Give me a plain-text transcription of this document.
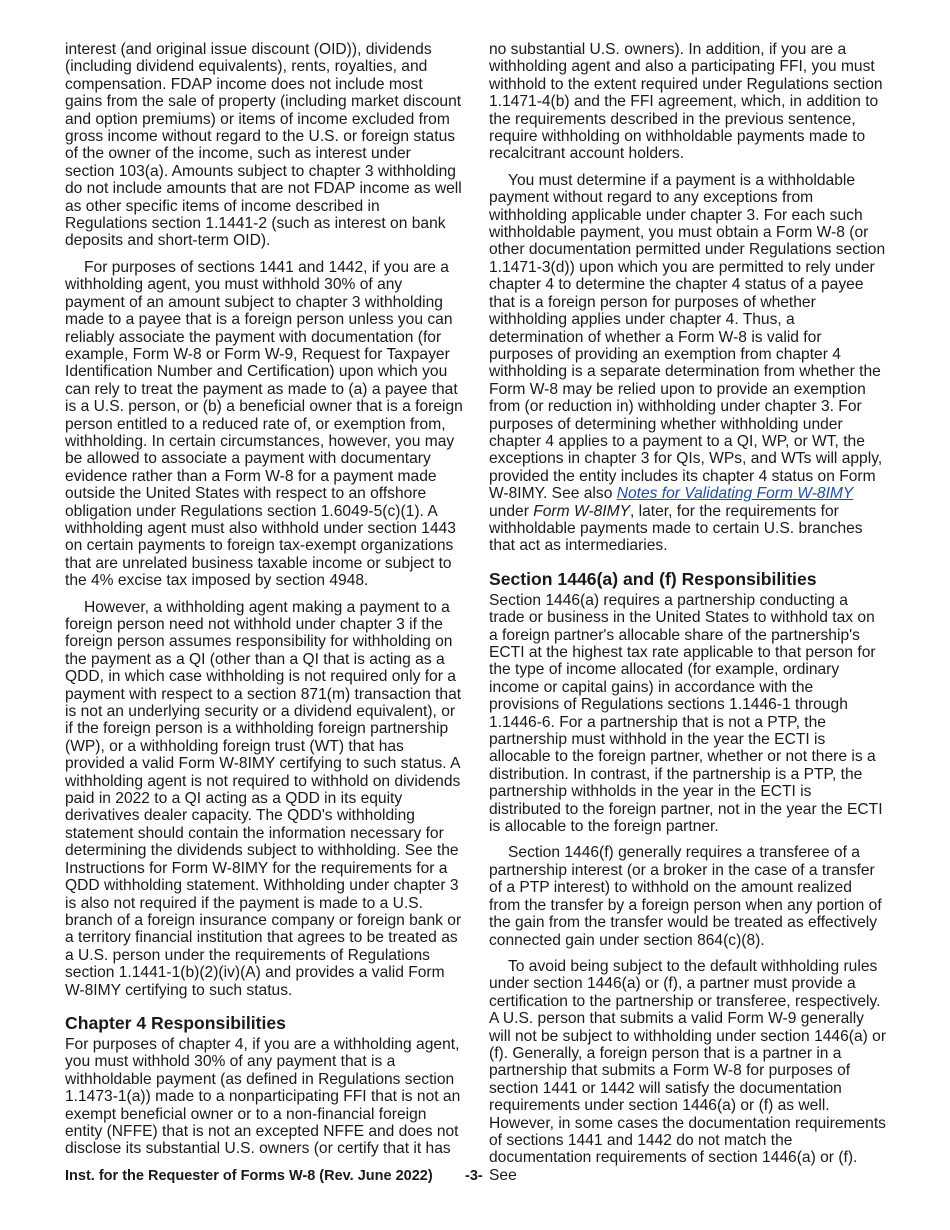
interest (and original issue discount (OID)), dividends (including dividend equivalents), rents, royalties, and compensation. FDAP income does not include most gains from the sale of property (including market discount and option premiums) or items of income excluded from gross income without regard to the U.S. or foreign status of the owner of the income, such as interest under section 103(a). Amounts subject to chapter 3 withholding do not include amounts that are not FDAP income as well as other specific items of income described in Regulations section 1.1441-2 (such as interest on bank deposits and short-term OID).

For purposes of sections 1441 and 1442, if you are a withholding agent, you must withhold 30% of any payment of an amount subject to chapter 3 withholding made to a payee that is a foreign person unless you can reliably associate the payment with documentation (for example, Form W-8 or Form W-9, Request for Taxpayer Identification Number and Certification) upon which you can rely to treat the payment as made to (a) a payee that is a U.S. person, or (b) a beneficial owner that is a foreign person entitled to a reduced rate of, or exemption from, withholding. In certain circumstances, however, you may be allowed to associate a payment with documentary evidence rather than a Form W-8 for a payment made outside the United States with respect to an offshore obligation under Regulations section 1.6049-5(c)(1). A withholding agent must also withhold under section 1443 on certain payments to foreign tax-exempt organizations that are unrelated business taxable income or subject to the 4% excise tax imposed by section 4948.

However, a withholding agent making a payment to a foreign person need not withhold under chapter 3 if the foreign person assumes responsibility for withholding on the payment as a QI (other than a QI that is acting as a QDD, in which case withholding is not required only for a payment with respect to a section 871(m) transaction that is not an underlying security or a dividend equivalent), or if the foreign person is a withholding foreign partnership (WP), or a withholding foreign trust (WT) that has provided a valid Form W-8IMY certifying to such status. A withholding agent is not required to withhold on dividends paid in 2022 to a QI acting as a QDD in its equity derivatives dealer capacity. The QDD's withholding statement should contain the information necessary for determining the dividends subject to withholding. See the Instructions for Form W-8IMY for the requirements for a QDD withholding statement. Withholding under chapter 3 is also not required if the payment is made to a U.S. branch of a foreign insurance company or foreign bank or a territory financial institution that agrees to be treated as a U.S. person under the requirements of Regulations section 1.1441-1(b)(2)(iv)(A) and provides a valid Form W-8IMY certifying to such status.

Chapter 4 Responsibilities

For purposes of chapter 4, if you are a withholding agent, you must withhold 30% of any payment that is a withholdable payment (as defined in Regulations section 1.1473-1(a)) made to a nonparticipating FFI that is not an exempt beneficial owner or to a non-financial foreign entity (NFFE) that is not an excepted NFFE and does not disclose its substantial U.S. owners (or certify that it has

no substantial U.S. owners). In addition, if you are a withholding agent and also a participating FFI, you must withhold to the extent required under Regulations section 1.1471-4(b) and the FFI agreement, which, in addition to the requirements described in the previous sentence, require withholding on withholdable payments made to recalcitrant account holders.

You must determine if a payment is a withholdable payment without regard to any exceptions from withholding applicable under chapter 3. For each such withholdable payment, you must obtain a Form W-8 (or other documentation permitted under Regulations section 1.1471-3(d)) upon which you are permitted to rely under chapter 4 to determine the chapter 4 status of a payee that is a foreign person for purposes of whether withholding applies under chapter 4. Thus, a determination of whether a Form W-8 is valid for purposes of providing an exemption from chapter 4 withholding is a separate determination from whether the Form W-8 may be relied upon to provide an exemption from (or reduction in) withholding under chapter 3. For purposes of determining whether withholding under chapter 4 applies to a payment to a QI, WP, or WT, the exceptions in chapter 3 for QIs, WPs, and WTs will apply, provided the entity includes its chapter 4 status on Form W-8IMY. See also Notes for Validating Form W-8IMY under Form W-8IMY, later, for the requirements for withholdable payments made to certain U.S. branches that act as intermediaries.

Section 1446(a) and (f) Responsibilities

Section 1446(a) requires a partnership conducting a trade or business in the United States to withhold tax on a foreign partner's allocable share of the partnership's ECTI at the highest tax rate applicable to that person for the type of income allocated (for example, ordinary income or capital gains) in accordance with the provisions of Regulations sections 1.1446-1 through 1.1446-6. For a partnership that is not a PTP, the partnership must withhold in the year the ECTI is allocable to the foreign partner, whether or not there is a distribution. In contrast, if the partnership is a PTP, the partnership withholds in the year in the ECTI is distributed to the foreign partner, not in the year the ECTI is allocable to the foreign partner.

Section 1446(f) generally requires a transferee of a partnership interest (or a broker in the case of a transfer of a PTP interest) to withhold on the amount realized from the transfer by a foreign person when any portion of the gain from the transfer would be treated as effectively connected gain under section 864(c)(8).

To avoid being subject to the default withholding rules under section 1446(a) or (f), a partner must provide a certification to the partnership or transferee, respectively. A U.S. person that submits a valid Form W-9 generally will not be subject to withholding under section 1446(a) or (f). Generally, a foreign person that is a partner in a partnership that submits a Form W-8 for purposes of section 1441 or 1442 will satisfy the documentation requirements under section 1446(a) or (f) as well. However, in some cases the documentation requirements of sections 1441 and 1442 do not match the documentation requirements of section 1446(a) or (f). See

Inst. for the Requester of Forms W-8 (Rev. June 2022) -3-
